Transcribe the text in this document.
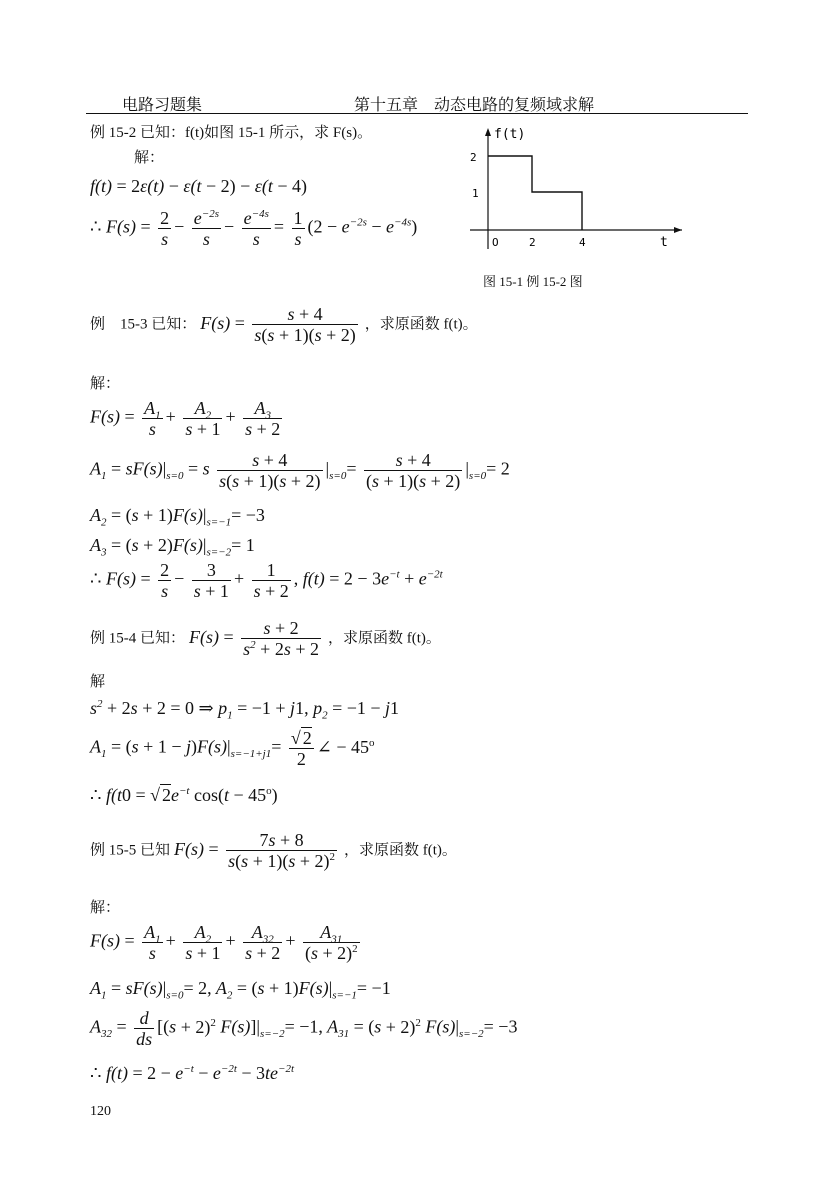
电路习题集	第十五章　动态电路的复频域求解
例 15-2 已知：f(t)如图 15-1 所示，求 F(s)。
解：
f(t) = 2ε(t) − ε(t − 2) − ε(t − 4)
∴ $F(s) = \frac{2}{s} - \frac{e^{-2s}}{s} - \frac{e^{-4s}}{s} = \frac{1}{s} (2 - e^{-2s} - e^{-4s})$
f(t)
t
2
1
O	2	4
图 15-1 例 15-2 图
例　15-3 已知： $F(s) = \frac{s + 4}{s(s + 1)(s + 2)}$ ，求原函数 f(t)。
解：
$F(s) = \frac{A_1}{s} + \frac{A_2}{s + 1} + \frac{A_3}{s + 2}$
$A_1 = sF(s)|_{s=0} = s \frac{s + 4}{s(s + 1)(s + 2)} |_{s=0}= \frac{s + 4}{(s + 1)(s + 2)} |_{s=0}= 2$
$A_2 = (s + 1)F(s)|_{s=-1}= -3$
$A_3 = (s + 2)F(s)|_{s=-2}= 1$
∴ $F(s) = \frac{2}{s} - \frac{3}{s + 1} + \frac{1}{s + 2}$ , $f(t) = 2 - 3e^{-t} + e^{-2t}$
例 15-4 已知： $F(s) = \frac{s + 2}{s^2 + 2s + 2}$ ，求原函数 f(t)。
解
$s^2 + 2s + 2 = 0$ ⇒ $p_1 = -1 + j1$, $p_2 = -1 - j1$
$A_1 = (s + 1 - j)F(s)|_{s=-1+j1}= \frac{√ 2}{2}$ ∠ − $45^o$
∴ f(t0 = √ $2e^{-t}$ $\cos(t - 45^o)$
例 15-5 已知 $F(s) = \frac{7s + 8}{s(s + 1)(s + 2)^2}$ ，求原函数 f(t)。
解：
$F(s) = \frac{A_1}{s} + \frac{A_2}{s + 1} + \frac{A_{32}}{s + 2} + \frac{A_{31}}{(s + 2)^2}$
$A_1 = sF(s)|_{s=0}= 2$, $A_2 = (s + 1)F(s)|_{s=-1}= -1$
$A_{32} = \frac{d}{ds} [(s + 2)^2$ $F(s)]|_{s=-2}= -1$, $A_{31} = (s + 2)^2$ $F(s)|_{s=-2}= -3$
∴ $f(t) = 2 - e^{-t} - e^{-2t} - 3te^{-2t}$
120
